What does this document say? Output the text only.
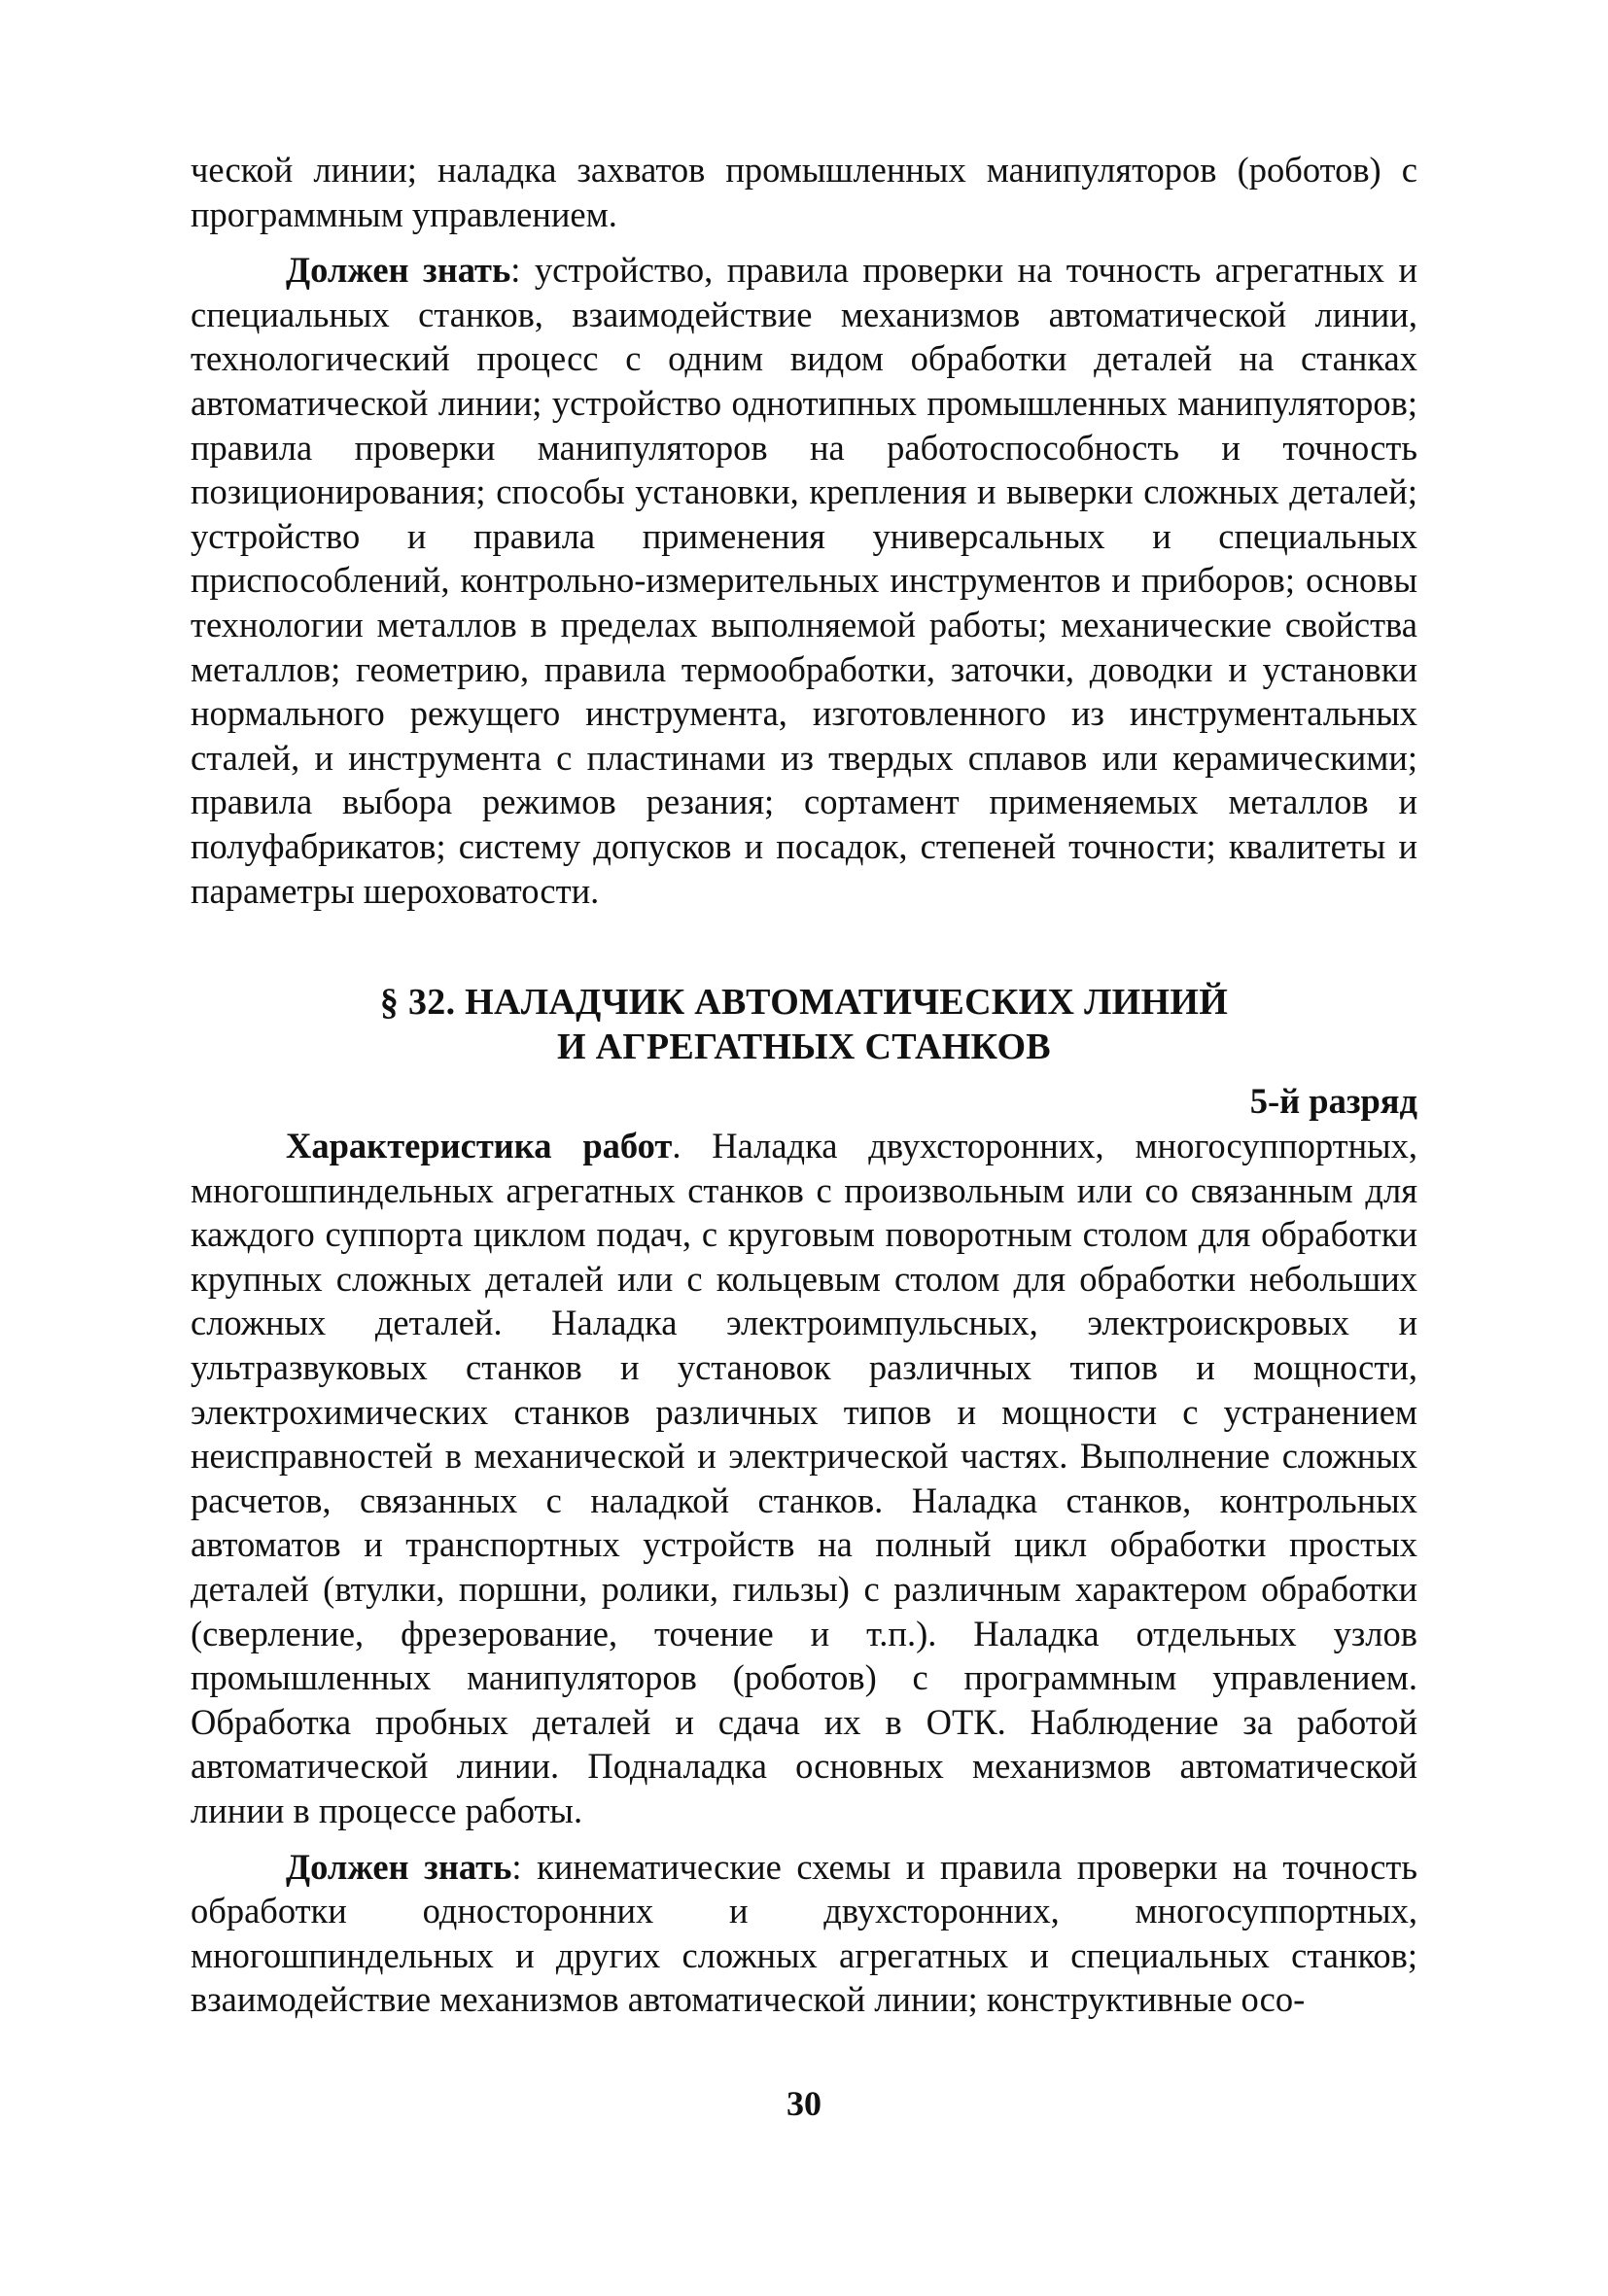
ческой линии; наладка захватов промышленных манипуляторов (роботов) с программным управлением.

Должен знать: устройство, правила проверки на точность агрегатных и специальных станков, взаимодействие механизмов автоматической линии, технологический процесс с одним видом обработки деталей на станках автоматической линии; устройство однотипных промышленных манипуляторов; правила проверки манипуляторов на работоспособность и точность позиционирования; способы установки, крепления и выверки сложных деталей; устройство и правила применения универсальных и специальных приспособлений, контрольно-измерительных инструментов и приборов; основы технологии металлов в пределах выполняемой работы; механические свойства металлов; геометрию, правила термообработки, заточки, доводки и установки нормального режущего инструмента, изготовленного из инструментальных сталей, и инструмента с пластинами из твердых сплавов или керамическими; правила выбора режимов резания; сортамент применяемых металлов и полуфабрикатов; систему допусков и посадок, степеней точности; квалитеты и параметры шероховатости.

§ 32. НАЛАДЧИК АВТОМАТИЧЕСКИХ ЛИНИЙ
И АГРЕГАТНЫХ СТАНКОВ
5-й разряд

Характеристика работ. Наладка двухсторонних, многосуппортных, многошпиндельных агрегатных станков с произвольным или со связанным для каждого суппорта циклом подач, с круговым поворотным столом для обработки крупных сложных деталей или с кольцевым столом для обработки небольших сложных деталей. Наладка электроимпульсных, электроискровых и ультразвуковых станков и установок различных типов и мощности, электрохимических станков различных типов и мощности с устранением неисправностей в механической и электрической частях. Выполнение сложных расчетов, связанных с наладкой станков. Наладка станков, контрольных автоматов и транспортных устройств на полный цикл обработки простых деталей (втулки, поршни, ролики, гильзы) с различным характером обработки (сверление, фрезерование, точение и т.п.). Наладка отдельных узлов промышленных манипуляторов (роботов) с программным управлением. Обработка пробных деталей и сдача их в ОТК. Наблюдение за работой автоматической линии. Подналадка основных механизмов автоматической линии в процессе работы.

Должен знать: кинематические схемы и правила проверки на точность обработки односторонних и двухсторонних, многосуппортных, многошпиндельных и других сложных агрегатных и специальных станков; взаимодействие механизмов автоматической линии; конструктивные осо-

30
